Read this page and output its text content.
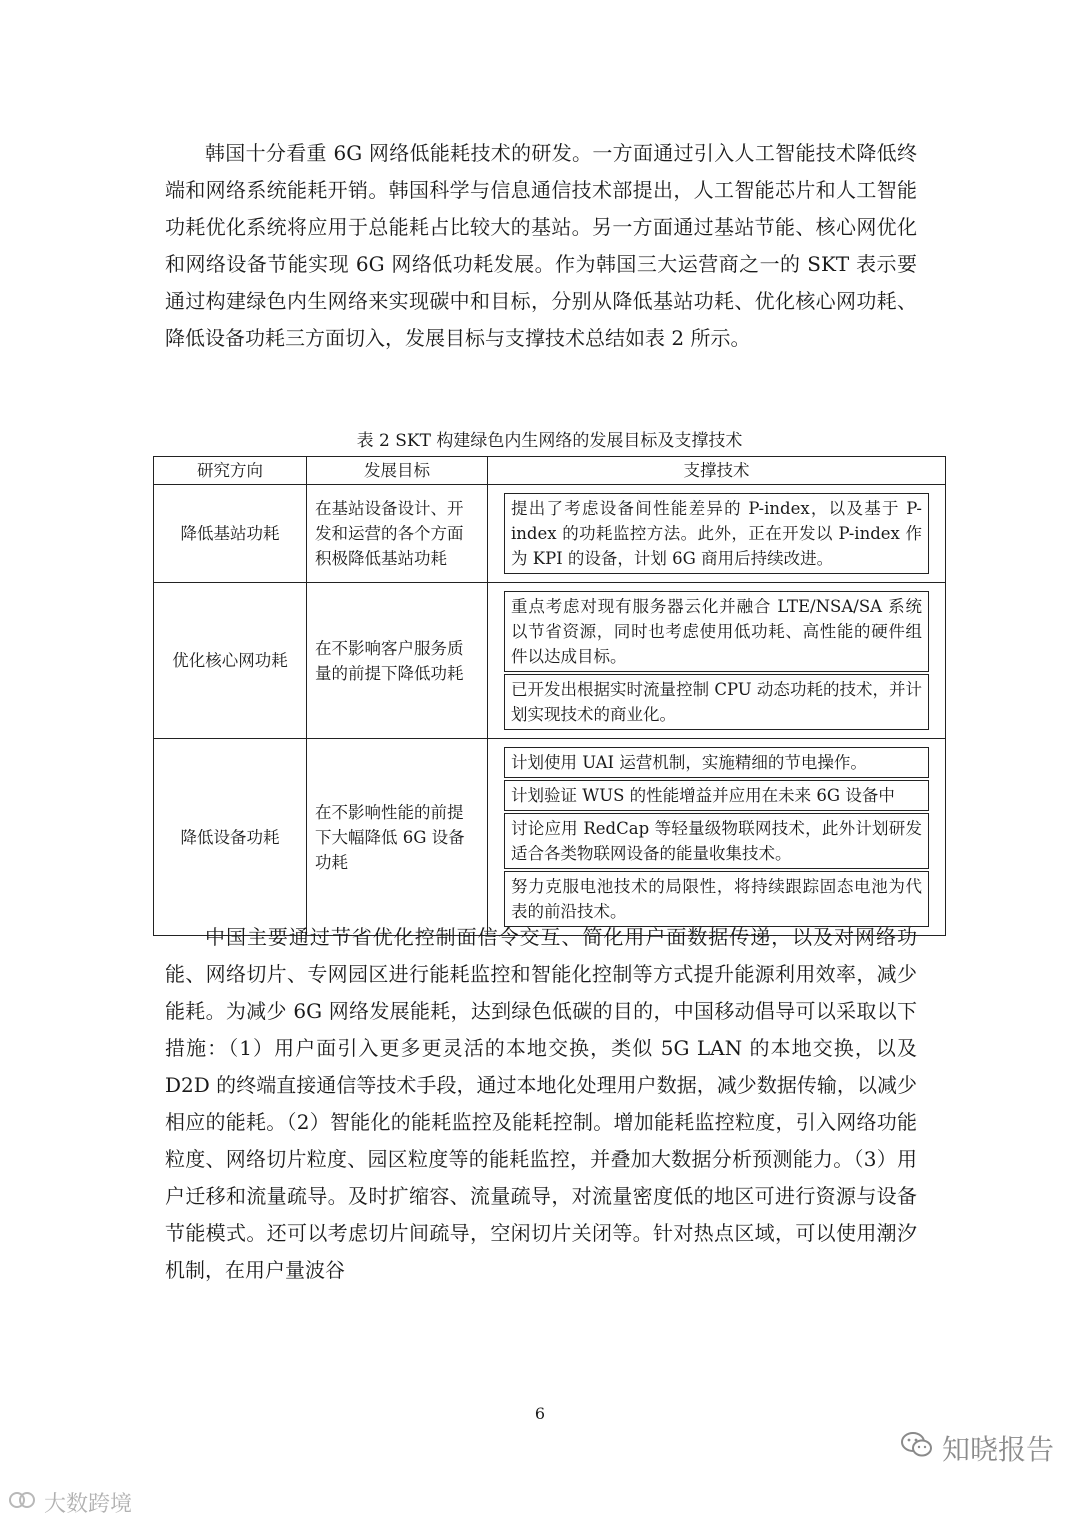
韩国十分看重 6G 网络低能耗技术的研发。一方面通过引入人工智能技术降低终端和网络系统能耗开销。韩国科学与信息通信技术部提出，人工智能芯片和人工智能功耗优化系统将应用于总能耗占比较大的基站。另一方面通过基站节能、核心网优化和网络设备节能实现 6G 网络低功耗发展。作为韩国三大运营商之一的 SKT 表示要通过构建绿色内生网络来实现碳中和目标，分别从降低基站功耗、优化核心网功耗、降低设备功耗三方面切入，发展目标与支撑技术总结如表 2 所示。

表 2 SKT 构建绿色内生网络的发展目标及支撑技术
研究方向	发展目标	支撑技术
降低基站功耗	在基站设备设计、开发和运营的各个方面积极降低基站功耗	提出了考虑设备间性能差异的 P-index，以及基于 P-index 的功耗监控方法。此外，正在开发以 P-index 作为 KPI 的设备，计划 6G 商用后持续改进。

优化核心网功耗	在不影响客户服务质量的前提下降低功耗	重点考虑对现有服务器云化并融合 LTE/NSA/SA 系统以节省资源，同时也考虑使用低功耗、高性能的硬件组件以达成目标。
已开发出根据实时流量控制 CPU 动态功耗的技术，并计划实现技术的商业化。

降低设备功耗	在不影响性能的前提下大幅降低 6G 设备功耗	计划使用 UAI 运营机制，实施精细的节电操作。
计划验证 WUS 的性能增益并应用在未来 6G 设备中
讨论应用 RedCap 等轻量级物联网技术，此外计划研发适合各类物联网设备的能量收集技术。
努力克服电池技术的局限性，将持续跟踪固态电池为代表的前沿技术。

中国主要通过节省优化控制面信令交互、简化用户面数据传递，以及对网络功能、网络切片、专网园区进行能耗监控和智能化控制等方式提升能源利用效率，减少能耗。为减少 6G 网络发展能耗，达到绿色低碳的目的，中国移动倡导可以采取以下措施：（1）用户面引入更多更灵活的本地交换，类似 5G LAN 的本地交换，以及 D2D 的终端直接通信等技术手段，通过本地化处理用户数据，减少数据传输，以减少相应的能耗。（2）智能化的能耗监控及能耗控制。增加能耗监控粒度，引入网络功能粒度、网络切片粒度、园区粒度等的能耗监控，并叠加大数据分析预测能力。（3）用户迁移和流量疏导。及时扩缩容、流量疏导，对流量密度低的地区可进行资源与设备节能模式。还可以考虑切片间疏导，空闲切片关闭等。针对热点区域，可以使用潮汐机制，在用户量波谷

6
大数跨境
知晓报告
